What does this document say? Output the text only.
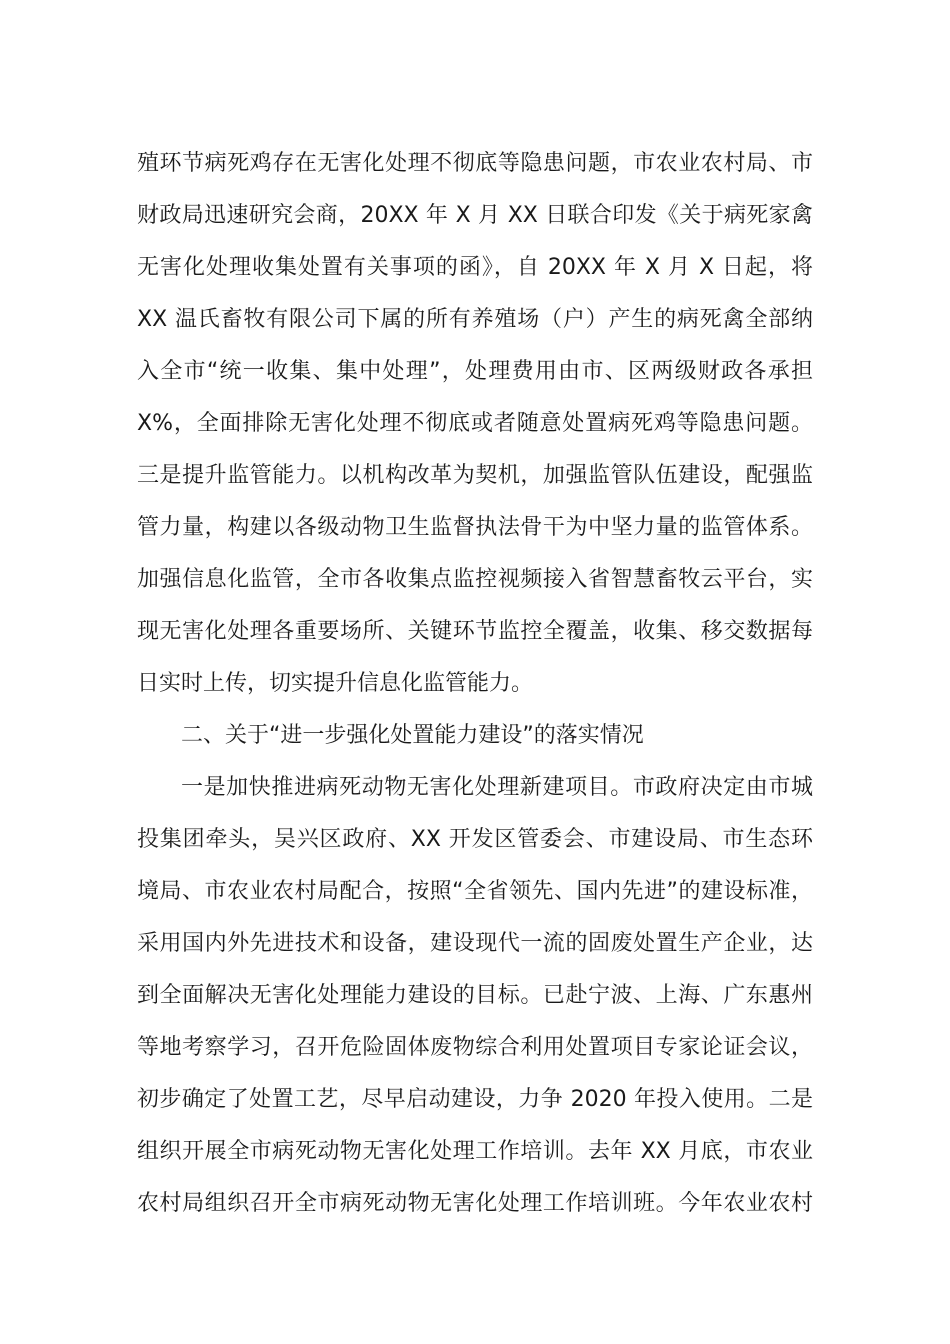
殖环节病死鸡存在无害化处理不彻底等隐患问题，市农业农村局、市
财政局迅速研究会商，20XX 年 X 月 XX 日联合印发《关于病死家禽
无害化处理收集处置有关事项的函》，自 20XX 年 X 月 X 日起，将
XX 温氏畜牧有限公司下属的所有养殖场（户）产生的病死禽全部纳
入全市“统一收集、集中处理”，处理费用由市、区两级财政各承担
X%，全面排除无害化处理不彻底或者随意处置病死鸡等隐患问题。
三是提升监管能力。以机构改革为契机，加强监管队伍建设，配强监
管力量，构建以各级动物卫生监督执法骨干为中坚力量的监管体系。
加强信息化监管，全市各收集点监控视频接入省智慧畜牧云平台，实
现无害化处理各重要场所、关键环节监控全覆盖，收集、移交数据每
日实时上传，切实提升信息化监管能力。
二、关于“进一步强化处置能力建设”的落实情况
一是加快推进病死动物无害化处理新建项目。市政府决定由市城
投集团牵头，吴兴区政府、XX 开发区管委会、市建设局、市生态环
境局、市农业农村局配合，按照“全省领先、国内先进”的建设标准，
采用国内外先进技术和设备，建设现代一流的固废处置生产企业，达
到全面解决无害化处理能力建设的目标。已赴宁波、上海、广东惠州
等地考察学习，召开危险固体废物综合利用处置项目专家论证会议，
初步确定了处置工艺，尽早启动建设，力争 2020 年投入使用。二是
组织开展全市病死动物无害化处理工作培训。去年 XX 月底，市农业
农村局组织召开全市病死动物无害化处理工作培训班。今年农业农村
